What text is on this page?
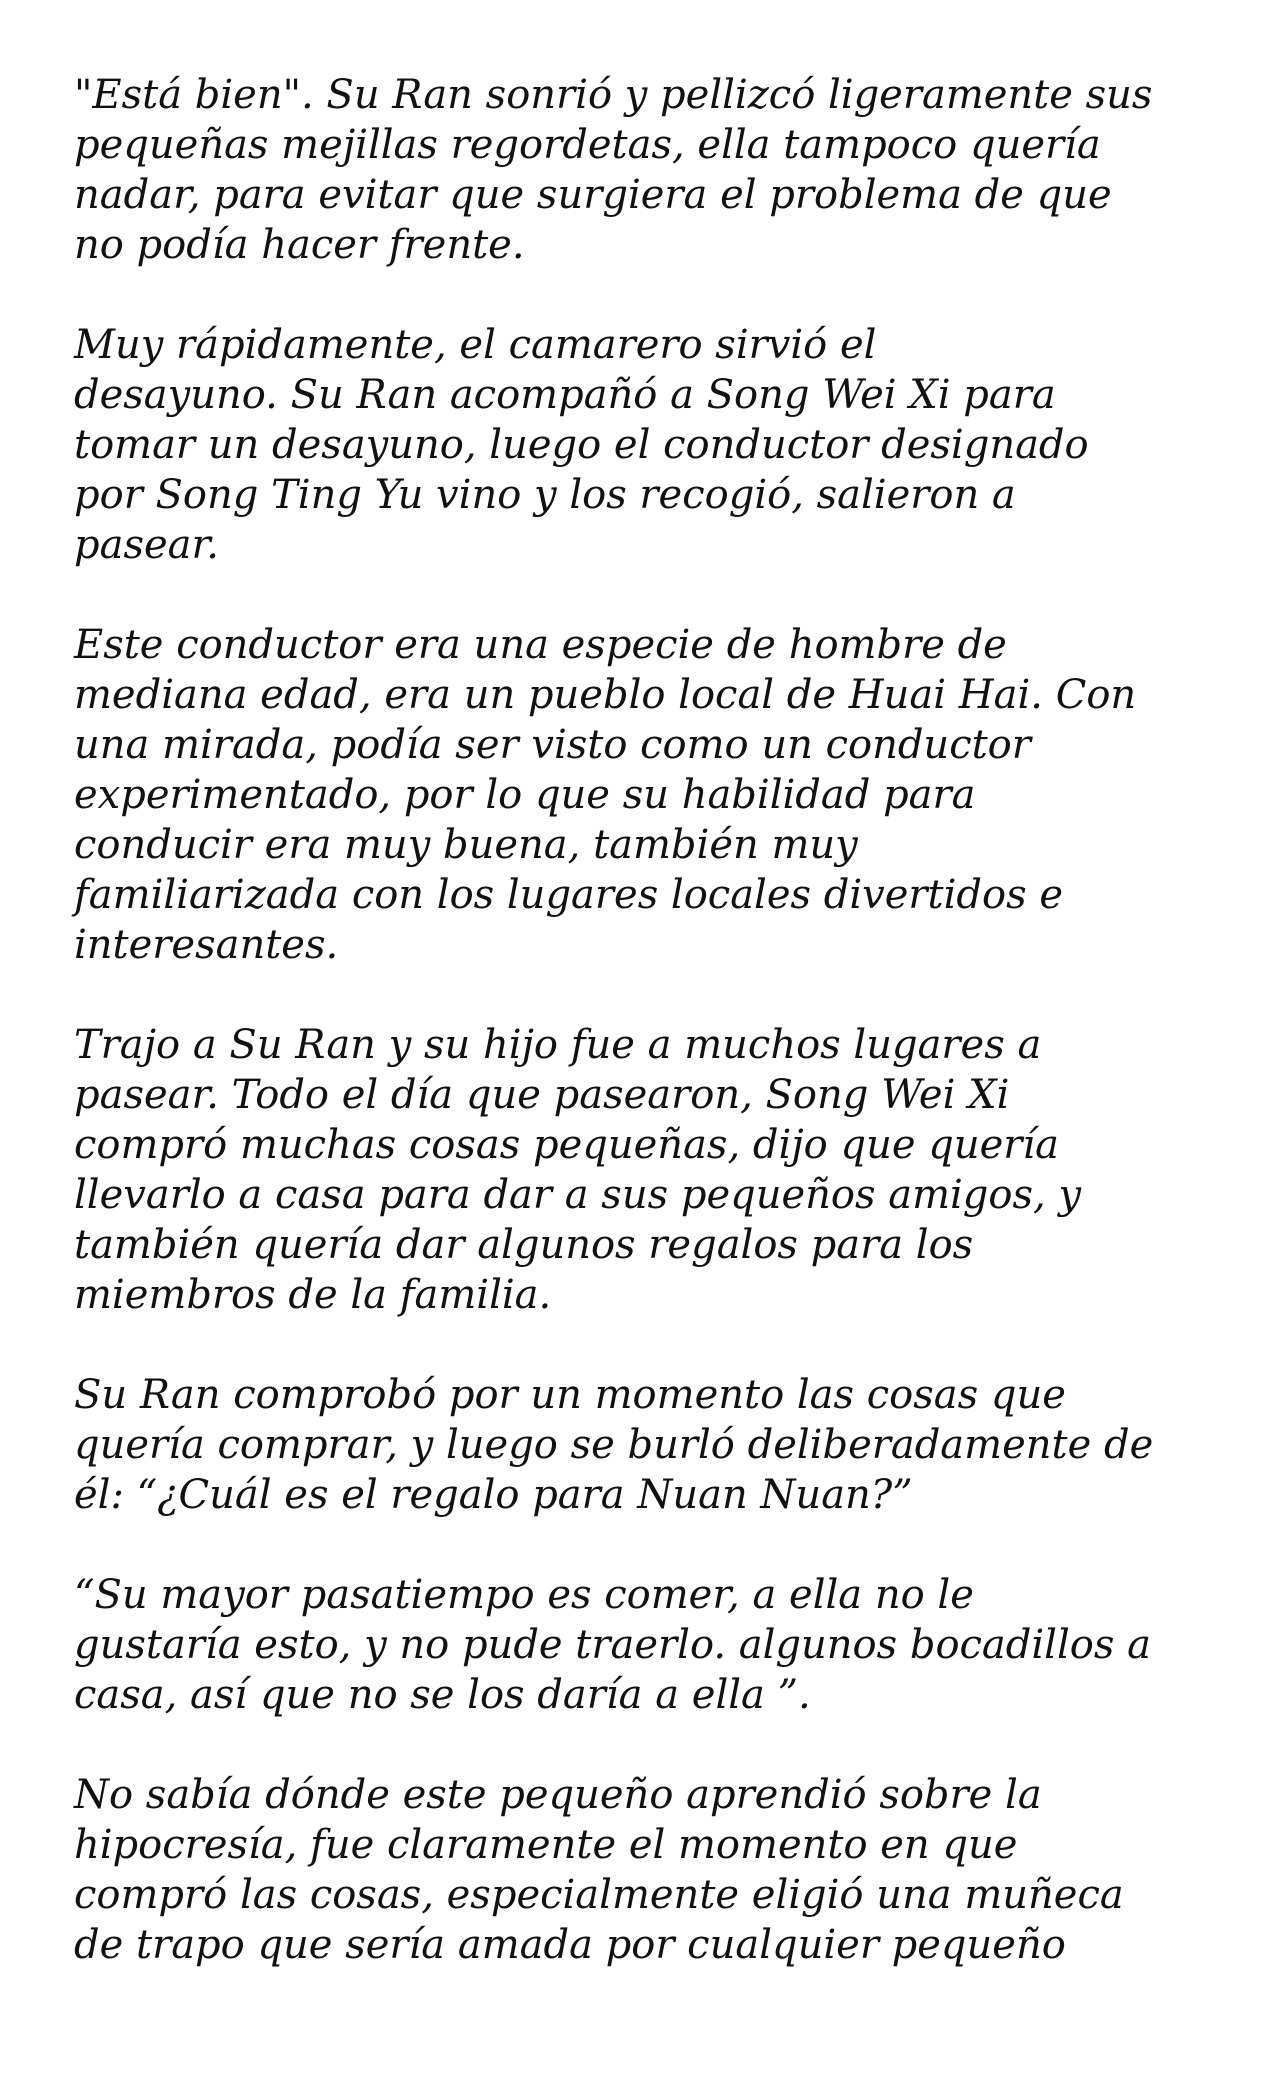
"Está bien". Su Ran sonrió y pellizcó ligeramente sus
pequeñas mejillas regordetas, ella tampoco quería
nadar, para evitar que surgiera el problema de que
no podía hacer frente.

Muy rápidamente, el camarero sirvió el
desayuno. Su Ran acompañó a Song Wei Xi para
tomar un desayuno, luego el conductor designado
por Song Ting Yu vino y los recogió, salieron a
pasear.

Este conductor era una especie de hombre de
mediana edad, era un pueblo local de Huai Hai. Con
una mirada, podía ser visto como un conductor
experimentado, por lo que su habilidad para
conducir era muy buena, también muy
familiarizada con los lugares locales divertidos e
interesantes.

Trajo a Su Ran y su hijo fue a muchos lugares a
pasear. Todo el día que pasearon, Song Wei Xi
compró muchas cosas pequeñas, dijo que quería
llevarlo a casa para dar a sus pequeños amigos, y
también quería dar algunos regalos para los
miembros de la familia.

Su Ran comprobó por un momento las cosas que
quería comprar, y luego se burló deliberadamente de
él: “¿Cuál es el regalo para Nuan Nuan?”

“Su mayor pasatiempo es comer, a ella no le
gustaría esto, y no pude traerlo. algunos bocadillos a
casa, así que no se los daría a ella ”.

No sabía dónde este pequeño aprendió sobre la
hipocresía, fue claramente el momento en que
compró las cosas, especialmente eligió una muñeca
de trapo que sería amada por cualquier pequeño
